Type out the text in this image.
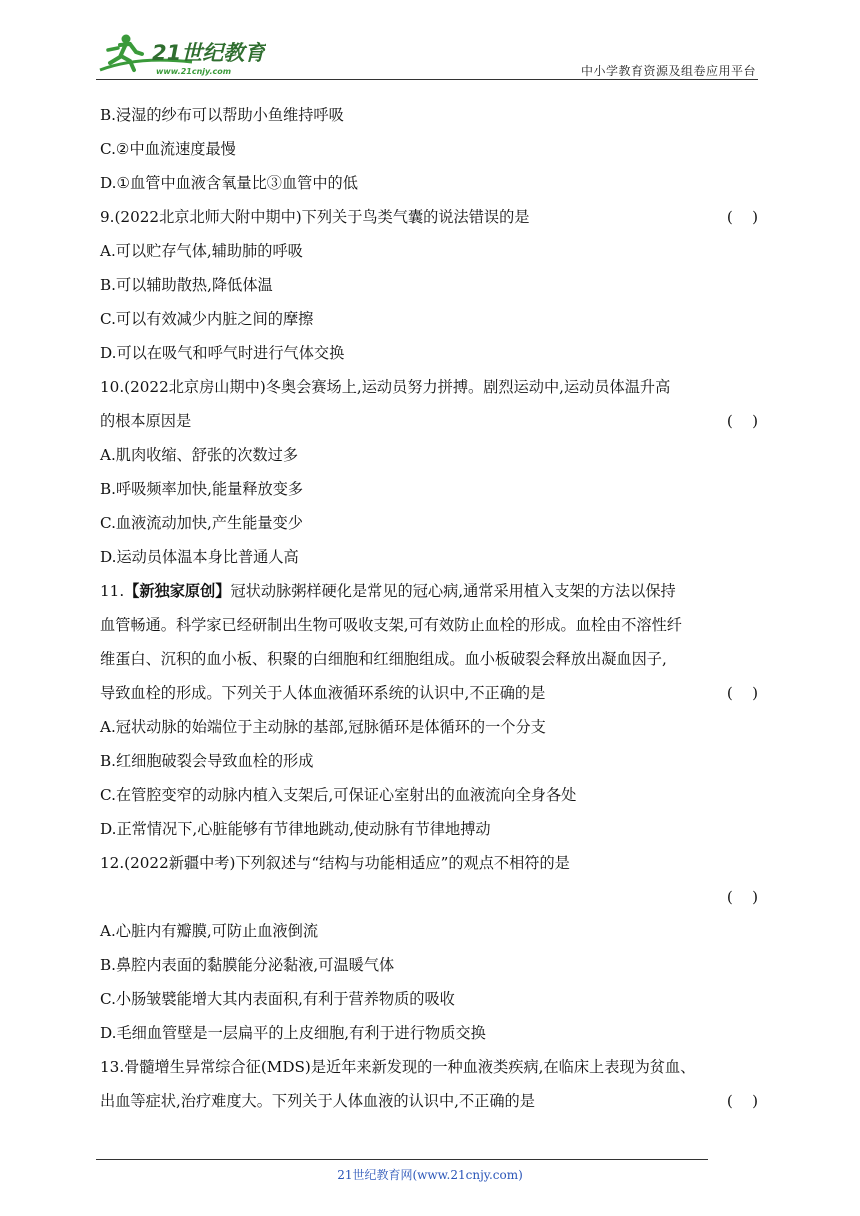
21世纪教育
www.21cnjy.com	中小学教育资源及组卷应用平台
B.浸湿的纱布可以帮助小鱼维持呼吸
C.②中血流速度最慢
D.①血管中血液含氧量比③血管中的低
9.(2022北京北师大附中期中)下列关于鸟类气囊的说法错误的是	(    )
A.可以贮存气体,辅助肺的呼吸
B.可以辅助散热,降低体温
C.可以有效减少内脏之间的摩擦
D.可以在吸气和呼气时进行气体交换
10.(2022北京房山期中)冬奥会赛场上,运动员努力拼搏。剧烈运动中,运动员体温升高
的根本原因是	(    )
A.肌肉收缩、舒张的次数过多
B.呼吸频率加快,能量释放变多
C.血液流动加快,产生能量变少
D.运动员体温本身比普通人高
11.【新独家原创】冠状动脉粥样硬化是常见的冠心病,通常采用植入支架的方法以保持
血管畅通。科学家已经研制出生物可吸收支架,可有效防止血栓的形成。血栓由不溶性纤
维蛋白、沉积的血小板、积聚的白细胞和红细胞组成。血小板破裂会释放出凝血因子,
导致血栓的形成。下列关于人体血液循环系统的认识中,不正确的是	(    )
A.冠状动脉的始端位于主动脉的基部,冠脉循环是体循环的一个分支
B.红细胞破裂会导致血栓的形成
C.在管腔变窄的动脉内植入支架后,可保证心室射出的血液流向全身各处
D.正常情况下,心脏能够有节律地跳动,使动脉有节律地搏动
12.(2022新疆中考)下列叙述与“结构与功能相适应”的观点不相符的是
(    )
A.心脏内有瓣膜,可防止血液倒流
B.鼻腔内表面的黏膜能分泌黏液,可温暖气体
C.小肠皱襞能增大其内表面积,有利于营养物质的吸收
D.毛细血管壁是一层扁平的上皮细胞,有利于进行物质交换
13.骨髓增生异常综合征(MDS)是近年来新发现的一种血液类疾病,在临床上表现为贫血、
出血等症状,治疗难度大。下列关于人体血液的认识中,不正确的是	(    )
21世纪教育网(www.21cnjy.com)
